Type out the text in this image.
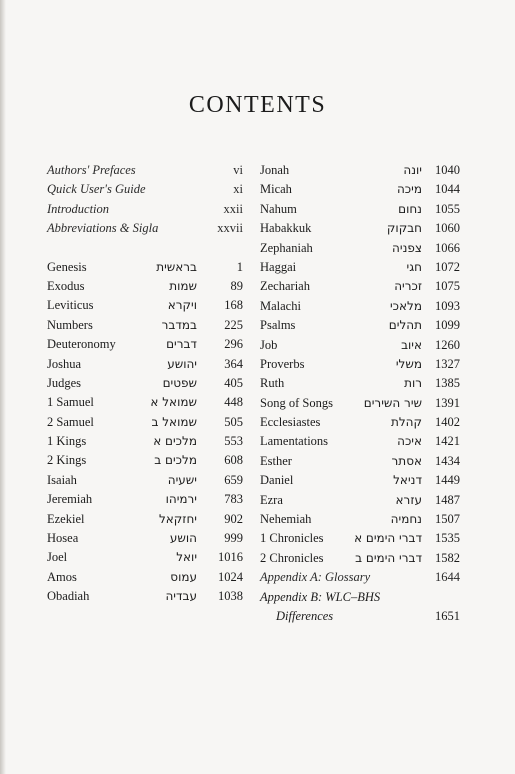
CONTENTS
Authors' Prefaces	vi
Quick User's Guide	xi
Introduction	xxii
Abbreviations & Sigla	xxvii
Genesis	בראשית	1
Exodus	שמות	89
Leviticus	ויקרא 168
Numbers	במדבר 225
Deuteronomy	דברים 296
Joshua	יהושע 364
Judges	שפטים 405
1 Samuel	שמואל א 448
2 Samuel	שמואל ב 505
1 Kings	מלכים א 553
2 Kings	מלכים ב 608
Isaiah	ישעיה 659
Jeremiah	ירמיהו 783
Ezekiel	יחזקאל 902
Hosea	הושע 999
Joel	יואל 1016
Amos	עמוס 1024
Obadiah	עבדיה 1038
Jonah	יונה 1040
Micah	מיכה 1044
Nahum	נחום 1055
Habakkuk	חבקוק 1060
Zephaniah	צפניה 1066
Haggai	חגי 1072
Zechariah	זכריה 1075
Malachi	מלאכי 1093
Psalms	תהלים 1099
Job	איוב 1260
Proverbs	משלי 1327
Ruth	רות 1385
Song of Songs	שיר השירים 1391
Ecclesiastes	קהלת 1402
Lamentations	איכה 1421
Esther	אסתר 1434
Daniel	דניאל 1449
Ezra	עזרא 1487
Nehemiah	נחמיה 1507
1 Chronicles	דברי הימים א 1535
2 Chronicles	דברי הימים ב 1582
Appendix A: Glossary	1644
Appendix B: WLC–BHS
Differences	1651
